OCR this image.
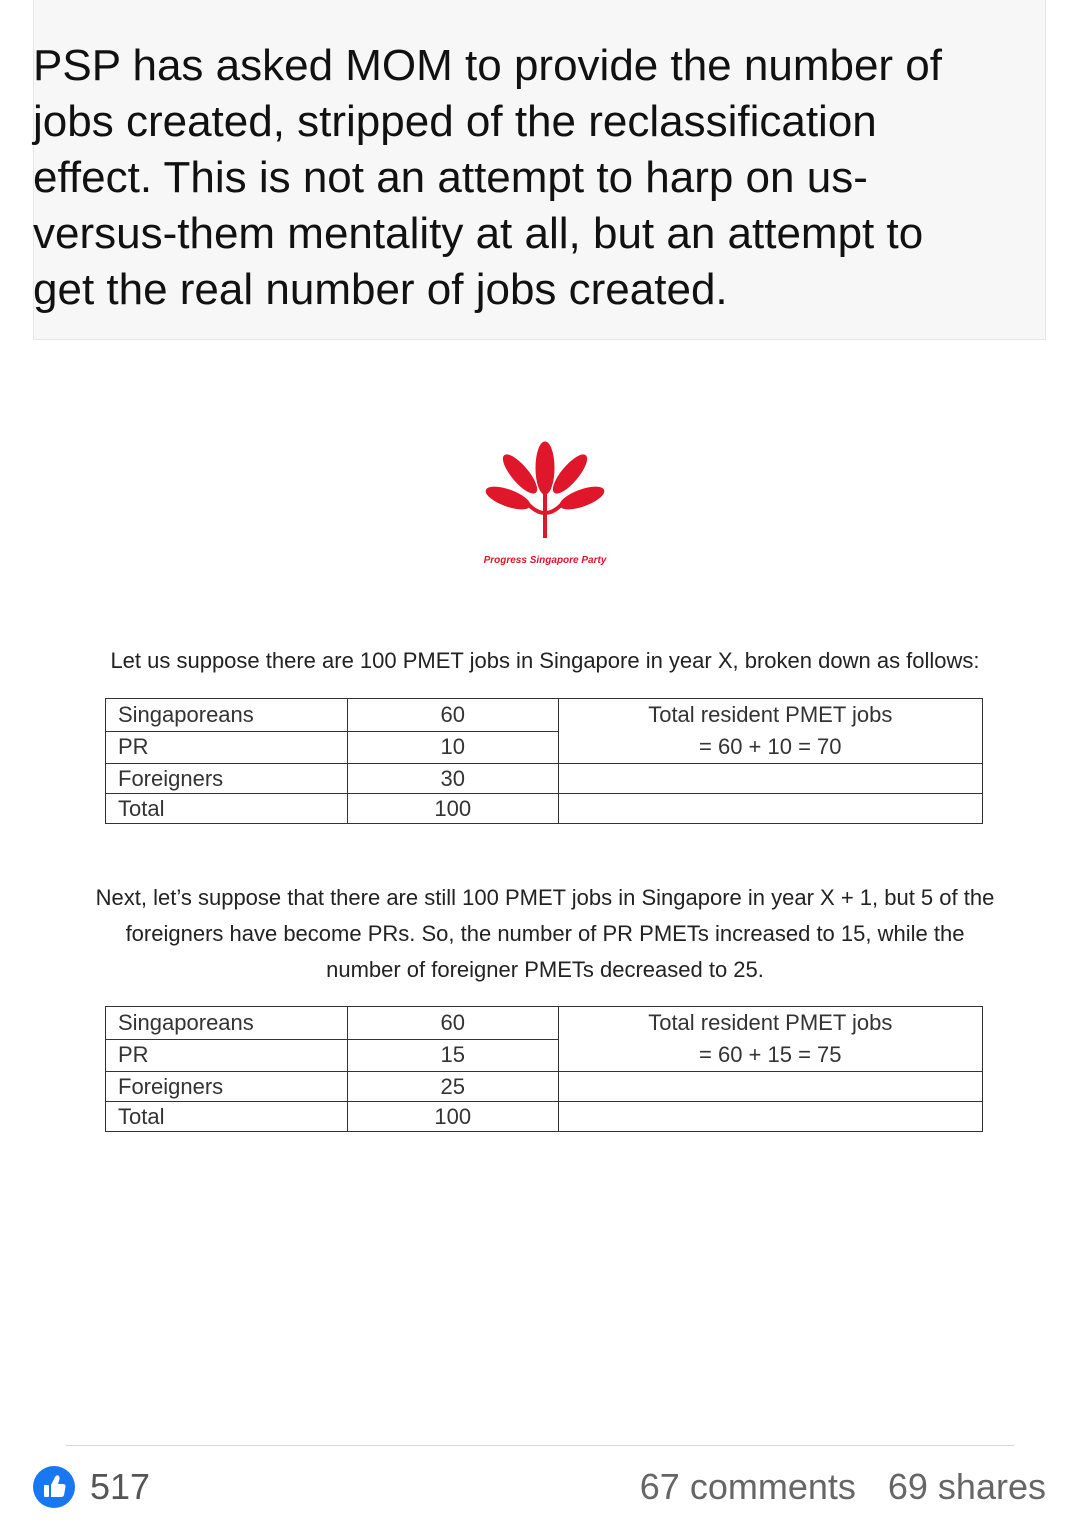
PSP has asked MOM to provide the number of jobs created, stripped of the reclassification effect. This is not an attempt to harp on us-versus-them mentality at all, but an attempt to get the real number of jobs created.

Progress Singapore Party

Let us suppose there are 100 PMET jobs in Singapore in year X, broken down as follows:

Singaporeans	60	Total resident PMET jobs
= 60 + 10 = 70

PR	10	
Foreigners	30	
Total	100	

Next, let’s suppose that there are still 100 PMET jobs in Singapore in year X + 1, but 5 of the

foreigners have become PRs. So, the number of PR PMETs increased to 15, while the

number of foreigner PMETs decreased to 25.

Singaporeans	60	Total resident PMET jobs
= 60 + 15 = 75

PR	15	
Foreigners	25	
Total	100	
517	67 comments 69 shares
